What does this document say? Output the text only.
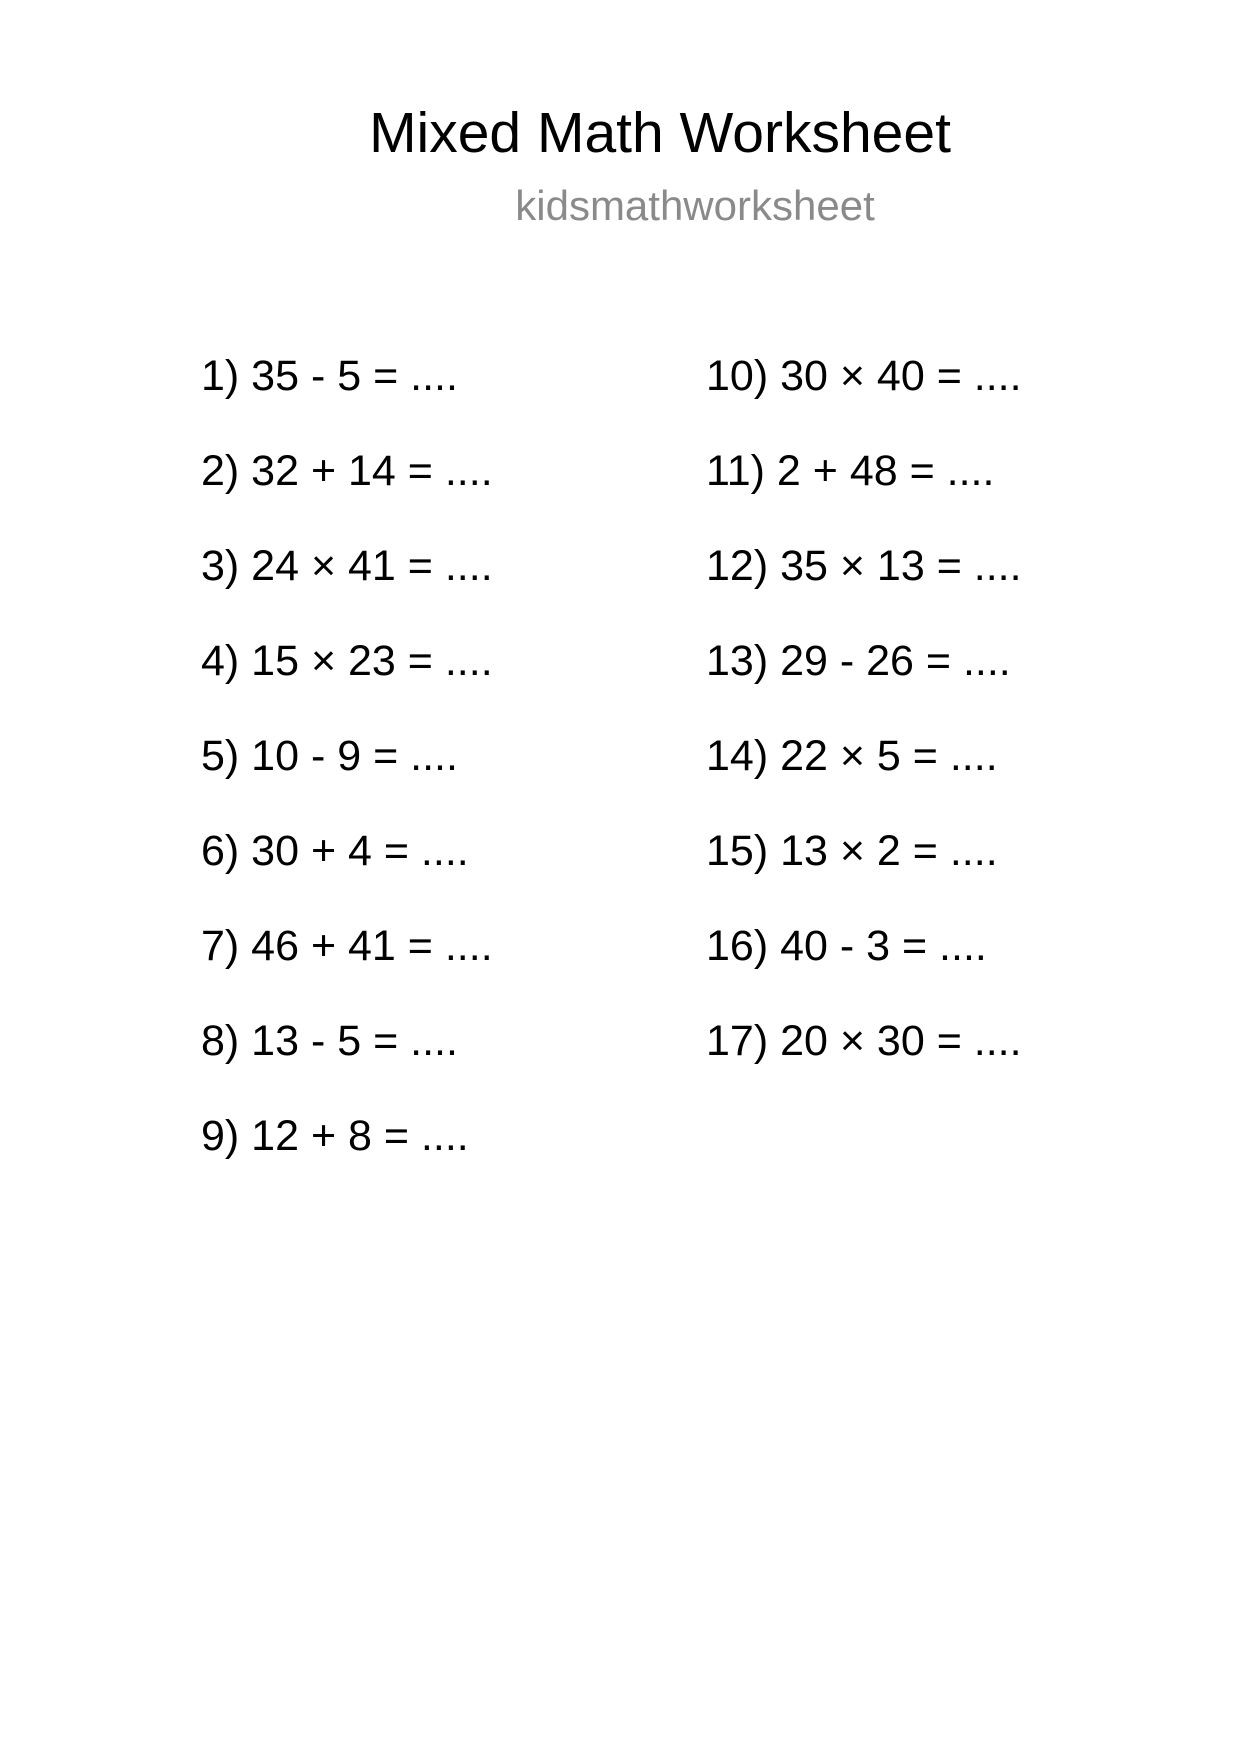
Mixed Math Worksheet
kidsmathworksheet
1) 35 - 5 = ....
2) 32 + 14 = ....
3) 24 × 41 = ....
4) 15 × 23 = ....
5) 10 - 9 = ....
6) 30 + 4 = ....
7) 46 + 41 = ....
8) 13 - 5 = ....
9) 12 + 8 = ....
10) 30 × 40 = ....
11) 2 + 48 = ....
12) 35 × 13 = ....
13) 29 - 26 = ....
14) 22 × 5 = ....
15) 13 × 2 = ....
16) 40 - 3 = ....
17) 20 × 30 = ....
